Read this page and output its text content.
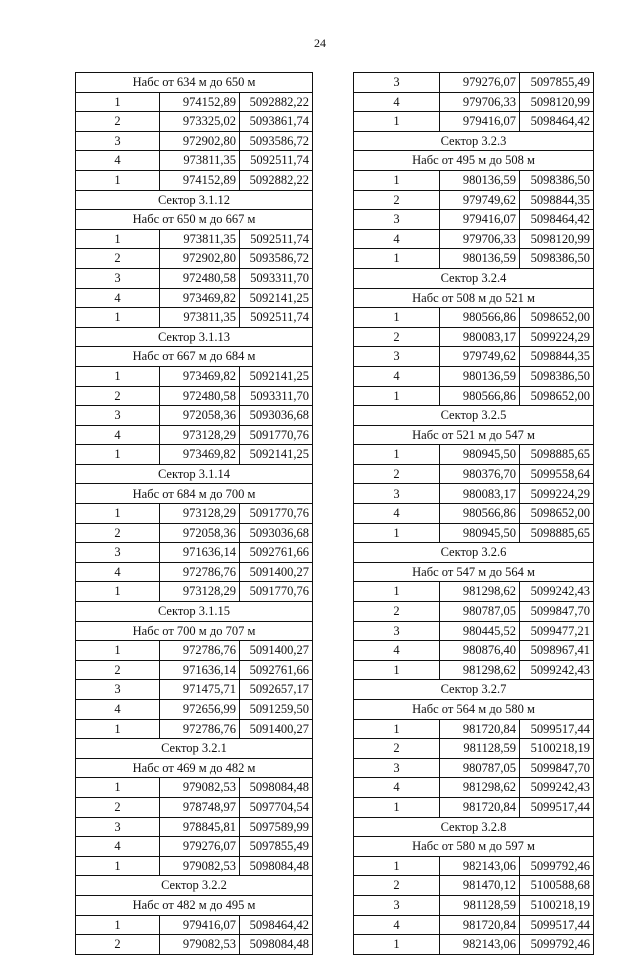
24
Набс от 634 м до 650 м		
1	974152,89	5092882,22
2	973325,02	5093861,74
3	972902,80	5093586,72
4	973811,35	5092511,74
1	974152,89	5092882,22
Сектор 3.1.12		
Набс от 650 м до 667 м		
1	973811,35	5092511,74
2	972902,80	5093586,72
3	972480,58	5093311,70
4	973469,82	5092141,25
1	973811,35	5092511,74
Сектор 3.1.13		
Набс от 667 м до 684 м		
1	973469,82	5092141,25
2	972480,58	5093311,70
3	972058,36	5093036,68
4	973128,29	5091770,76
1	973469,82	5092141,25
Сектор 3.1.14		
Набс от 684 м до 700 м		
1	973128,29	5091770,76
2	972058,36	5093036,68
3	971636,14	5092761,66
4	972786,76	5091400,27
1	973128,29	5091770,76
Сектор 3.1.15		
Набс от 700 м до 707 м		
1	972786,76	5091400,27
2	971636,14	5092761,66
3	971475,71	5092657,17
4	972656,99	5091259,50
1	972786,76	5091400,27
Сектор 3.2.1		
Набс от 469 м до 482 м		
1	979082,53	5098084,48
2	978748,97	5097704,54
3	978845,81	5097589,99
4	979276,07	5097855,49
1	979082,53	5098084,48
Сектор 3.2.2		
Набс от 482 м до 495 м		
1	979416,07	5098464,42
2	979082,53	5098084,48
3	979276,07	5097855,49
4	979706,33	5098120,99
1	979416,07	5098464,42
Сектор 3.2.3		
Набс от 495 м до 508 м		
1	980136,59	5098386,50
2	979749,62	5098844,35
3	979416,07	5098464,42
4	979706,33	5098120,99
1	980136,59	5098386,50
Сектор 3.2.4		
Набс от 508 м до 521 м		
1	980566,86	5098652,00
2	980083,17	5099224,29
3	979749,62	5098844,35
4	980136,59	5098386,50
1	980566,86	5098652,00
Сектор 3.2.5		
Набс от 521 м до 547 м		
1	980945,50	5098885,65
2	980376,70	5099558,64
3	980083,17	5099224,29
4	980566,86	5098652,00
1	980945,50	5098885,65
Сектор 3.2.6		
Набс от 547 м до 564 м		
1	981298,62	5099242,43
2	980787,05	5099847,70
3	980445,52	5099477,21
4	980876,40	5098967,41
1	981298,62	5099242,43
Сектор 3.2.7		
Набс от 564 м до 580 м		
1	981720,84	5099517,44
2	981128,59	5100218,19
3	980787,05	5099847,70
4	981298,62	5099242,43
1	981720,84	5099517,44
Сектор 3.2.8		
Набс от 580 м до 597 м		
1	982143,06	5099792,46
2	981470,12	5100588,68
3	981128,59	5100218,19
4	981720,84	5099517,44
1	982143,06	5099792,46
